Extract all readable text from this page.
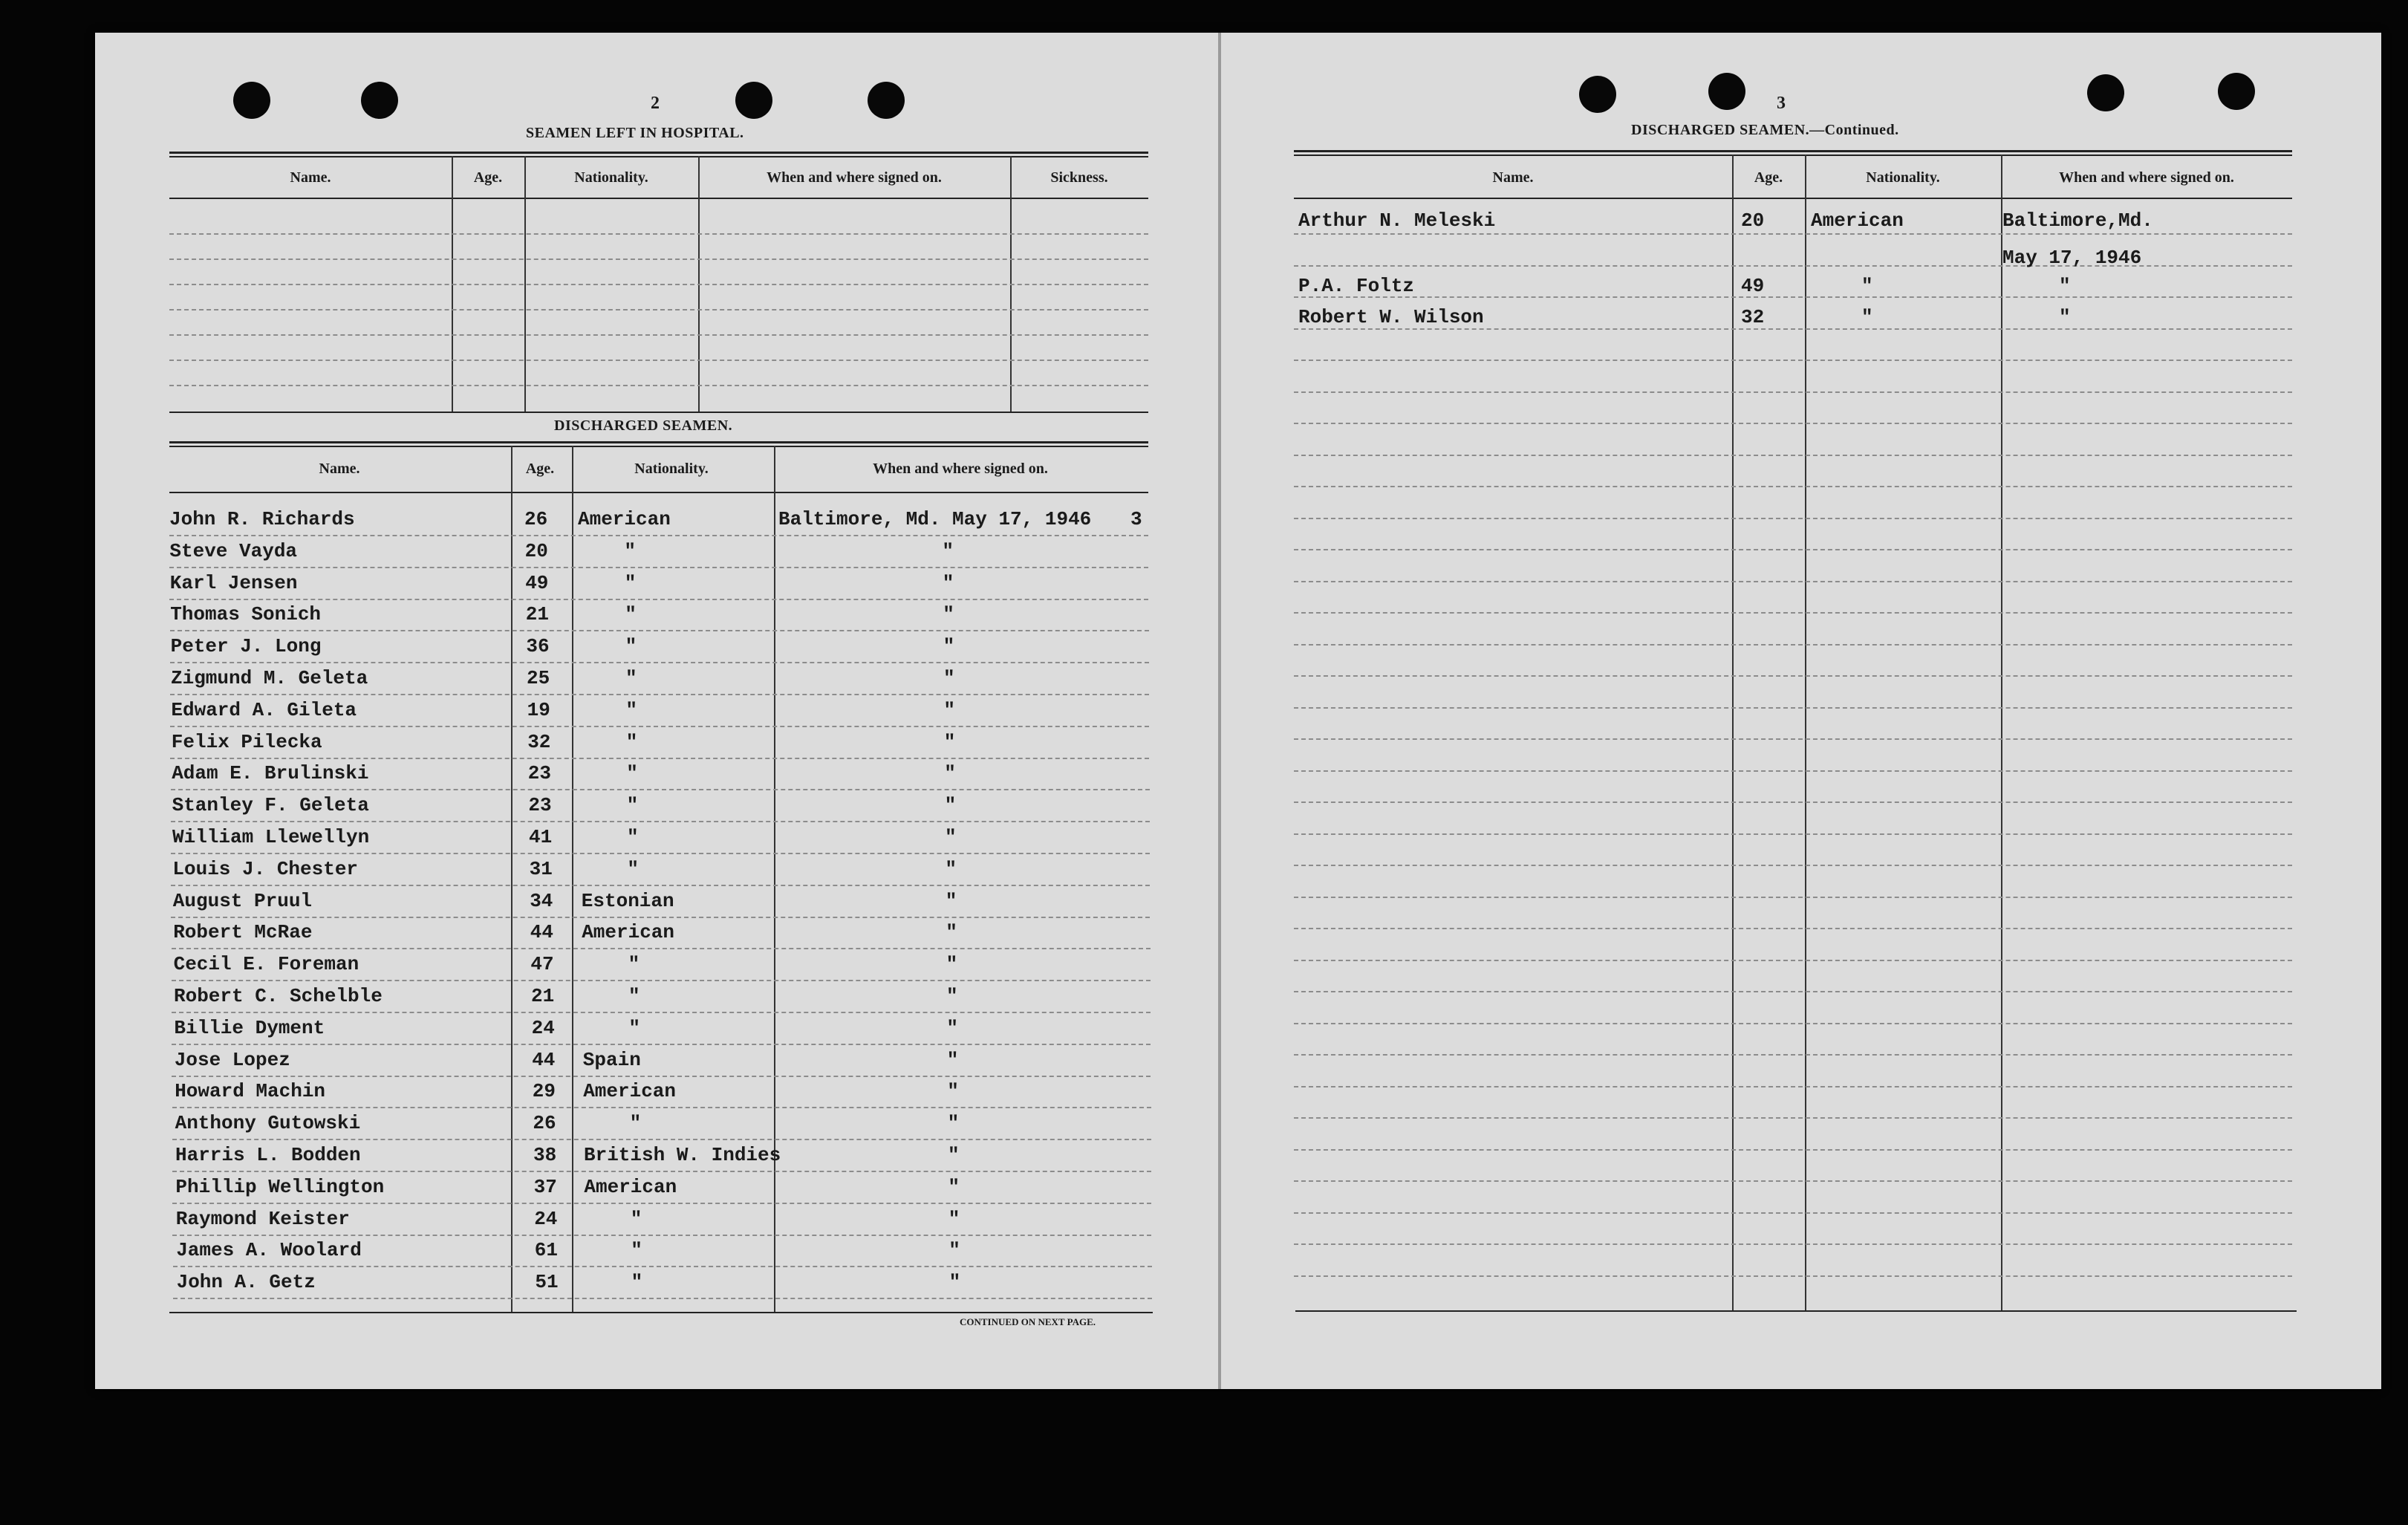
2
SEAMEN LEFT IN HOSPITAL.
Name.	Age.	Nationality.	When and where signed on.	Sickness.
DISCHARGED SEAMEN.
Name.	Age.	Nationality.	When and where signed on.
John R. Richards	26 American	Baltimore, Md. May 17, 1946 3
Steve Vayda	20	"	"
Karl Jensen	49	"	"
Thomas Sonich	21	"	"
Peter J. Long	36	"	"
Zigmund M. Geleta	25	"	"
Edward A. Gileta	19	"	"
Felix Pilecka	32	"	"
Adam E. Brulinski	23	"	"
Stanley F. Geleta	23	"	"
William Llewellyn	41	"	"
Louis J. Chester	31	"	"
August Pruul	34 Estonian	"
Robert McRae	44 American	"
Cecil E. Foreman	47	"	"
Robert C. Schelble	21	"	"
Billie Dyment	24	"	"
Jose Lopez	44 Spain	"
Howard Machin	29 American	"
Anthony Gutowski	26	"	"
Harris L. Bodden	38 British W. Indies	"
Phillip Wellington	37 American	"
Raymond Keister	24	"	"
James A. Woolard	61	"	"
John A. Getz	51	"	"
CONTINUED ON NEXT PAGE.
3
DISCHARGED SEAMEN.—Continued.
Name.	Age.	Nationality.	When and where signed on.
Arthur N. Meleski	20 American	Baltimore,Md.
May 17, 1946
P.A. Foltz	49	"	"
Robert W. Wilson	32	"	"
